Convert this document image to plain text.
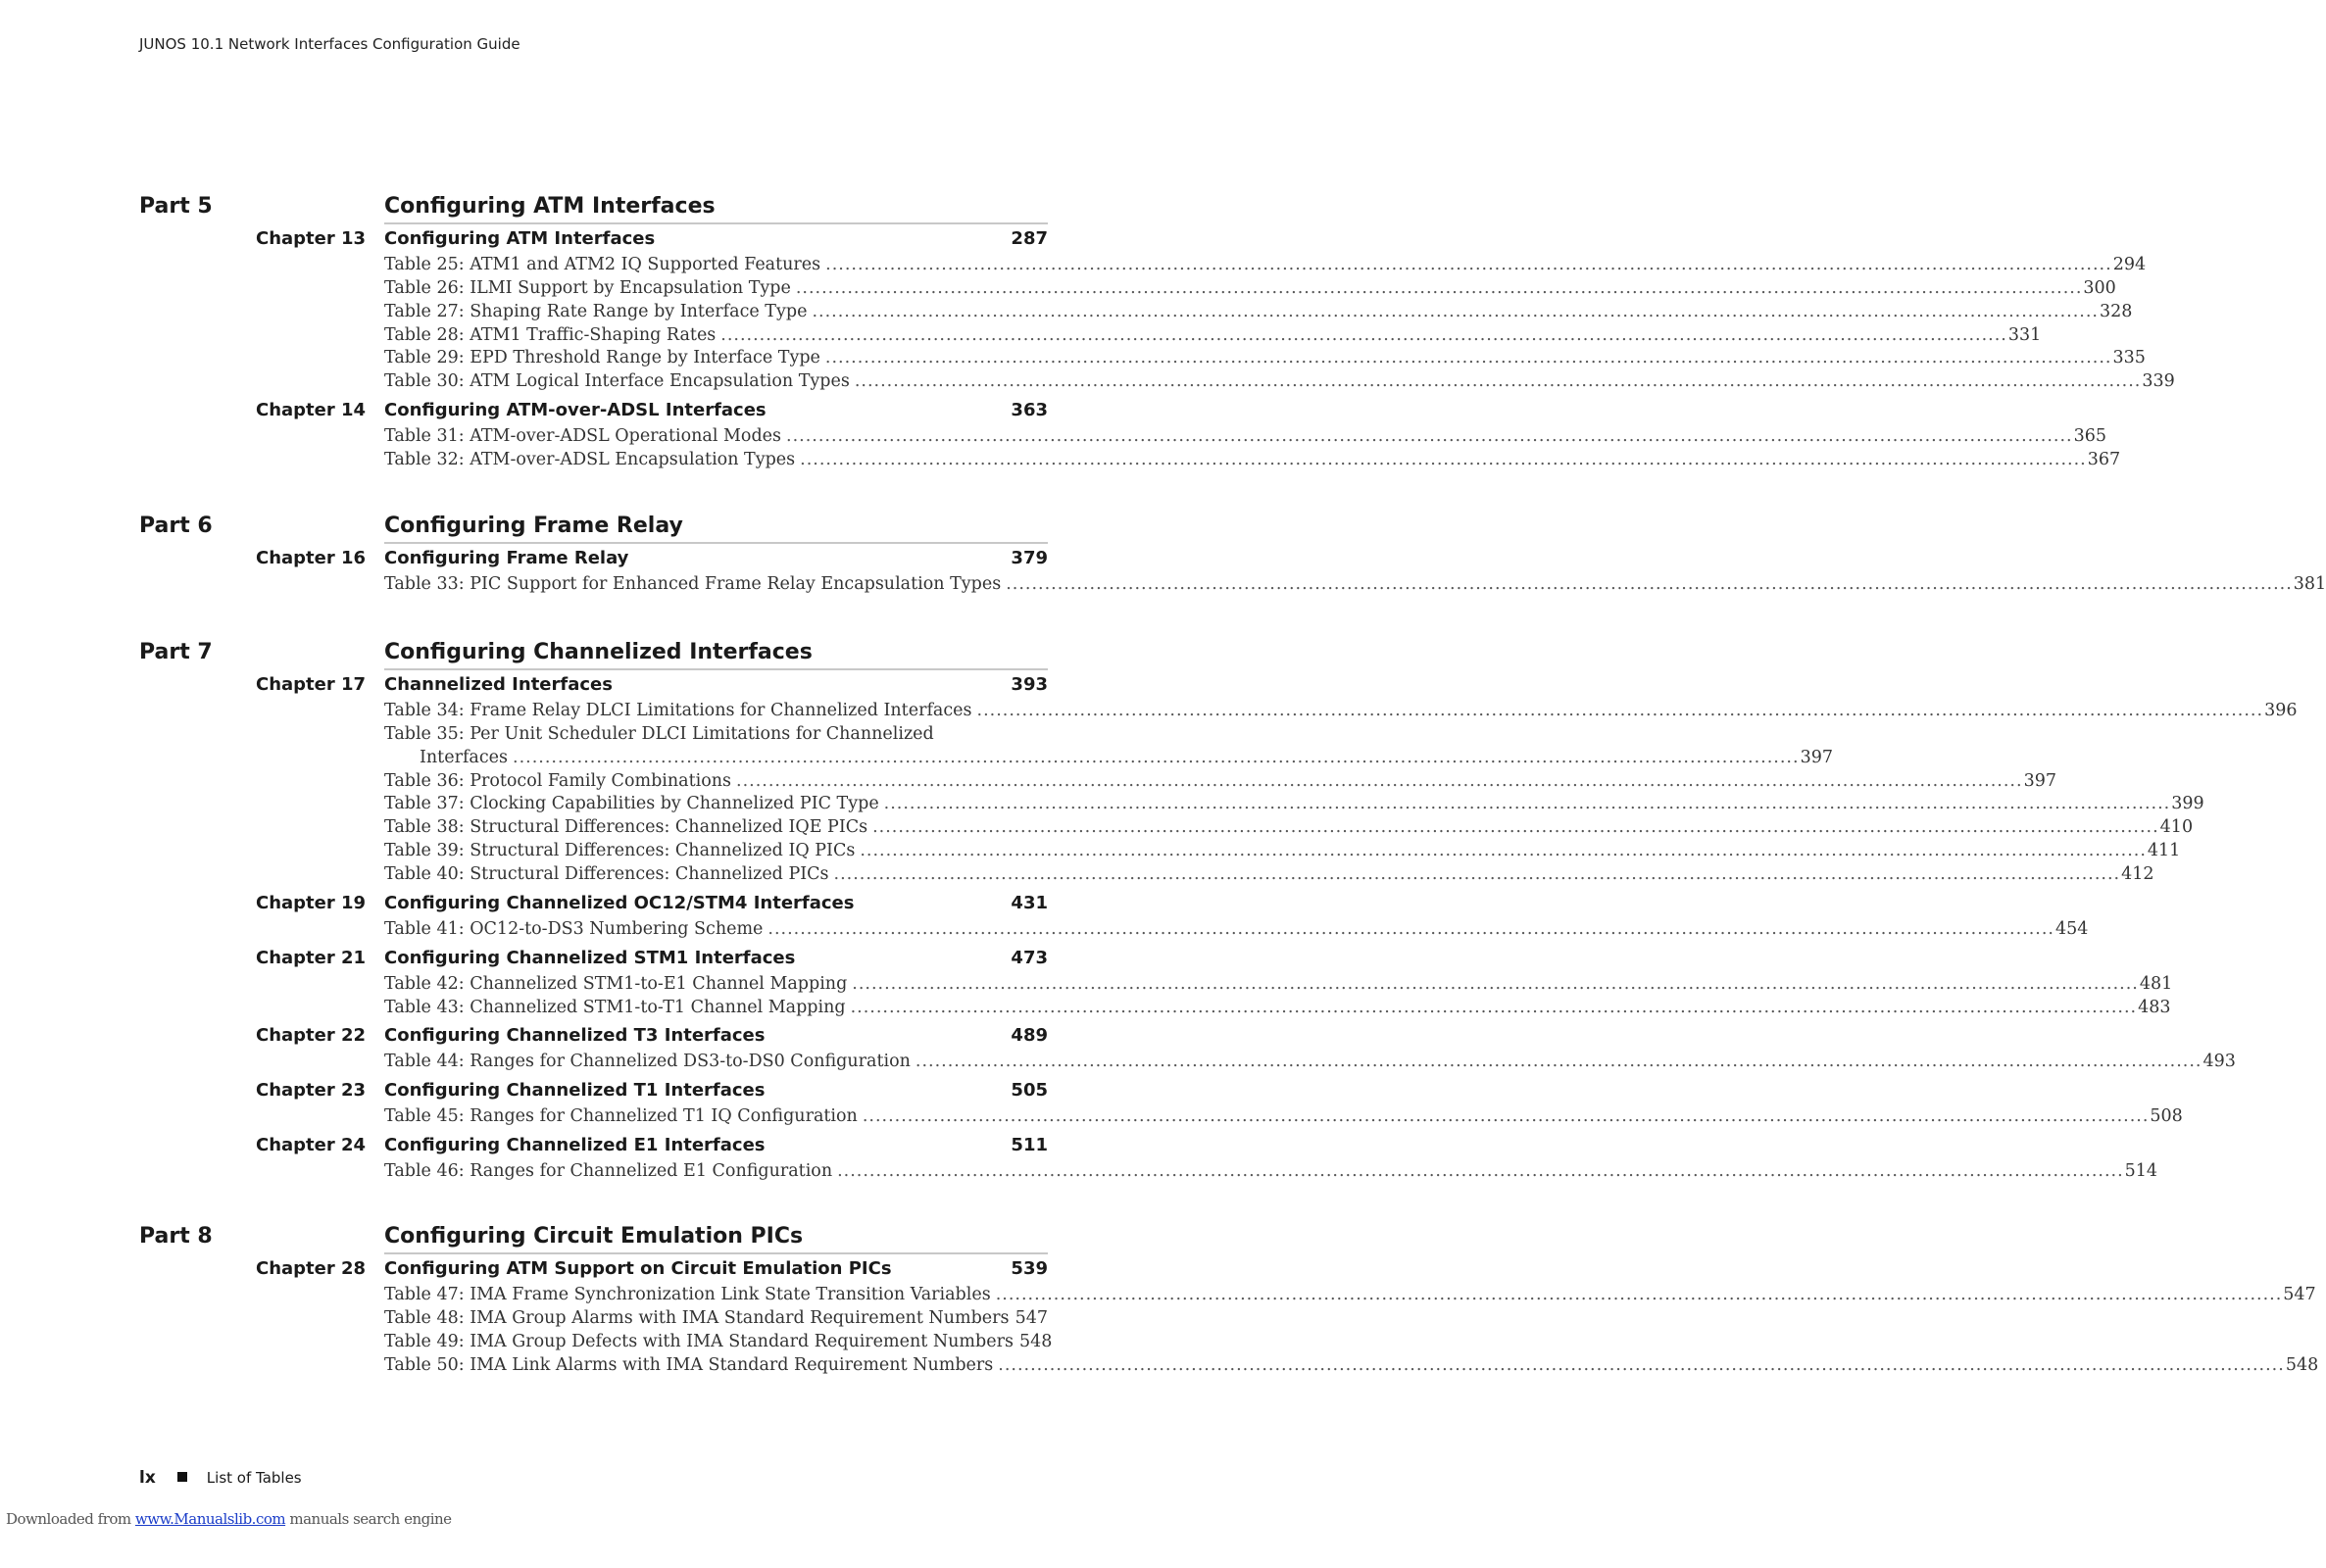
JUNOS 10.1 Network Interfaces Configuration Guide
Part 5	Configuring ATM Interfaces
Chapter 13 Configuring ATM Interfaces	287
Table 25: ATM1 and ATM2 IQ Supported Features .....	294
Table 26: ILMI Support by Encapsulation Type .....	300
Table 27: Shaping Rate Range by Interface Type .....	328
Table 28: ATM1 Traffic-Shaping Rates .....	331
Table 29: EPD Threshold Range by Interface Type .....	335
Table 30: ATM Logical Interface Encapsulation Types .....	339
Chapter 14 Configuring ATM-over-ADSL Interfaces	363
Table 31: ATM-over-ADSL Operational Modes .....	365
Table 32: ATM-over-ADSL Encapsulation Types .....	367
Part 6	Configuring Frame Relay
Chapter 16 Configuring Frame Relay	379
Table 33: PIC Support for Enhanced Frame Relay Encapsulation Types .....	381
Part 7	Configuring Channelized Interfaces
Chapter 17 Channelized Interfaces	393
Table 34: Frame Relay DLCI Limitations for Channelized Interfaces .....	396
Table 35: Per Unit Scheduler DLCI Limitations for Channelized
Interfaces .....	397
Table 36: Protocol Family Combinations .....	397
Table 37: Clocking Capabilities by Channelized PIC Type .....	399
Table 38: Structural Differences: Channelized IQE PICs .....	410
Table 39: Structural Differences: Channelized IQ PICs .....	411
Table 40: Structural Differences: Channelized PICs .....	412
Chapter 19 Configuring Channelized OC12/STM4 Interfaces	431
Table 41: OC12-to-DS3 Numbering Scheme .....	454
Chapter 21 Configuring Channelized STM1 Interfaces	473
Table 42: Channelized STM1-to-E1 Channel Mapping .....	481
Table 43: Channelized STM1-to-T1 Channel Mapping .....	483
Chapter 22 Configuring Channelized T3 Interfaces	489
Table 44: Ranges for Channelized DS3-to-DS0 Configuration .....	493
Chapter 23 Configuring Channelized T1 Interfaces	505
Table 45: Ranges for Channelized T1 IQ Configuration .....	508
Chapter 24 Configuring Channelized E1 Interfaces	511
Table 46: Ranges for Channelized E1 Configuration .....	514
Part 8	Configuring Circuit Emulation PICs
Chapter 28 Configuring ATM Support on Circuit Emulation PICs	539
Table 47: IMA Frame Synchronization Link State Transition Variables .....	547
Table 48: IMA Group Alarms with IMA Standard Requirement Numbers ..... 547
Table 49: IMA Group Defects with IMA Standard Requirement Numbers 548
Table 50: IMA Link Alarms with IMA Standard Requirement Numbers .....	548
lx	List of Tables
Downloaded from www.Manualslib.com manuals search engine
